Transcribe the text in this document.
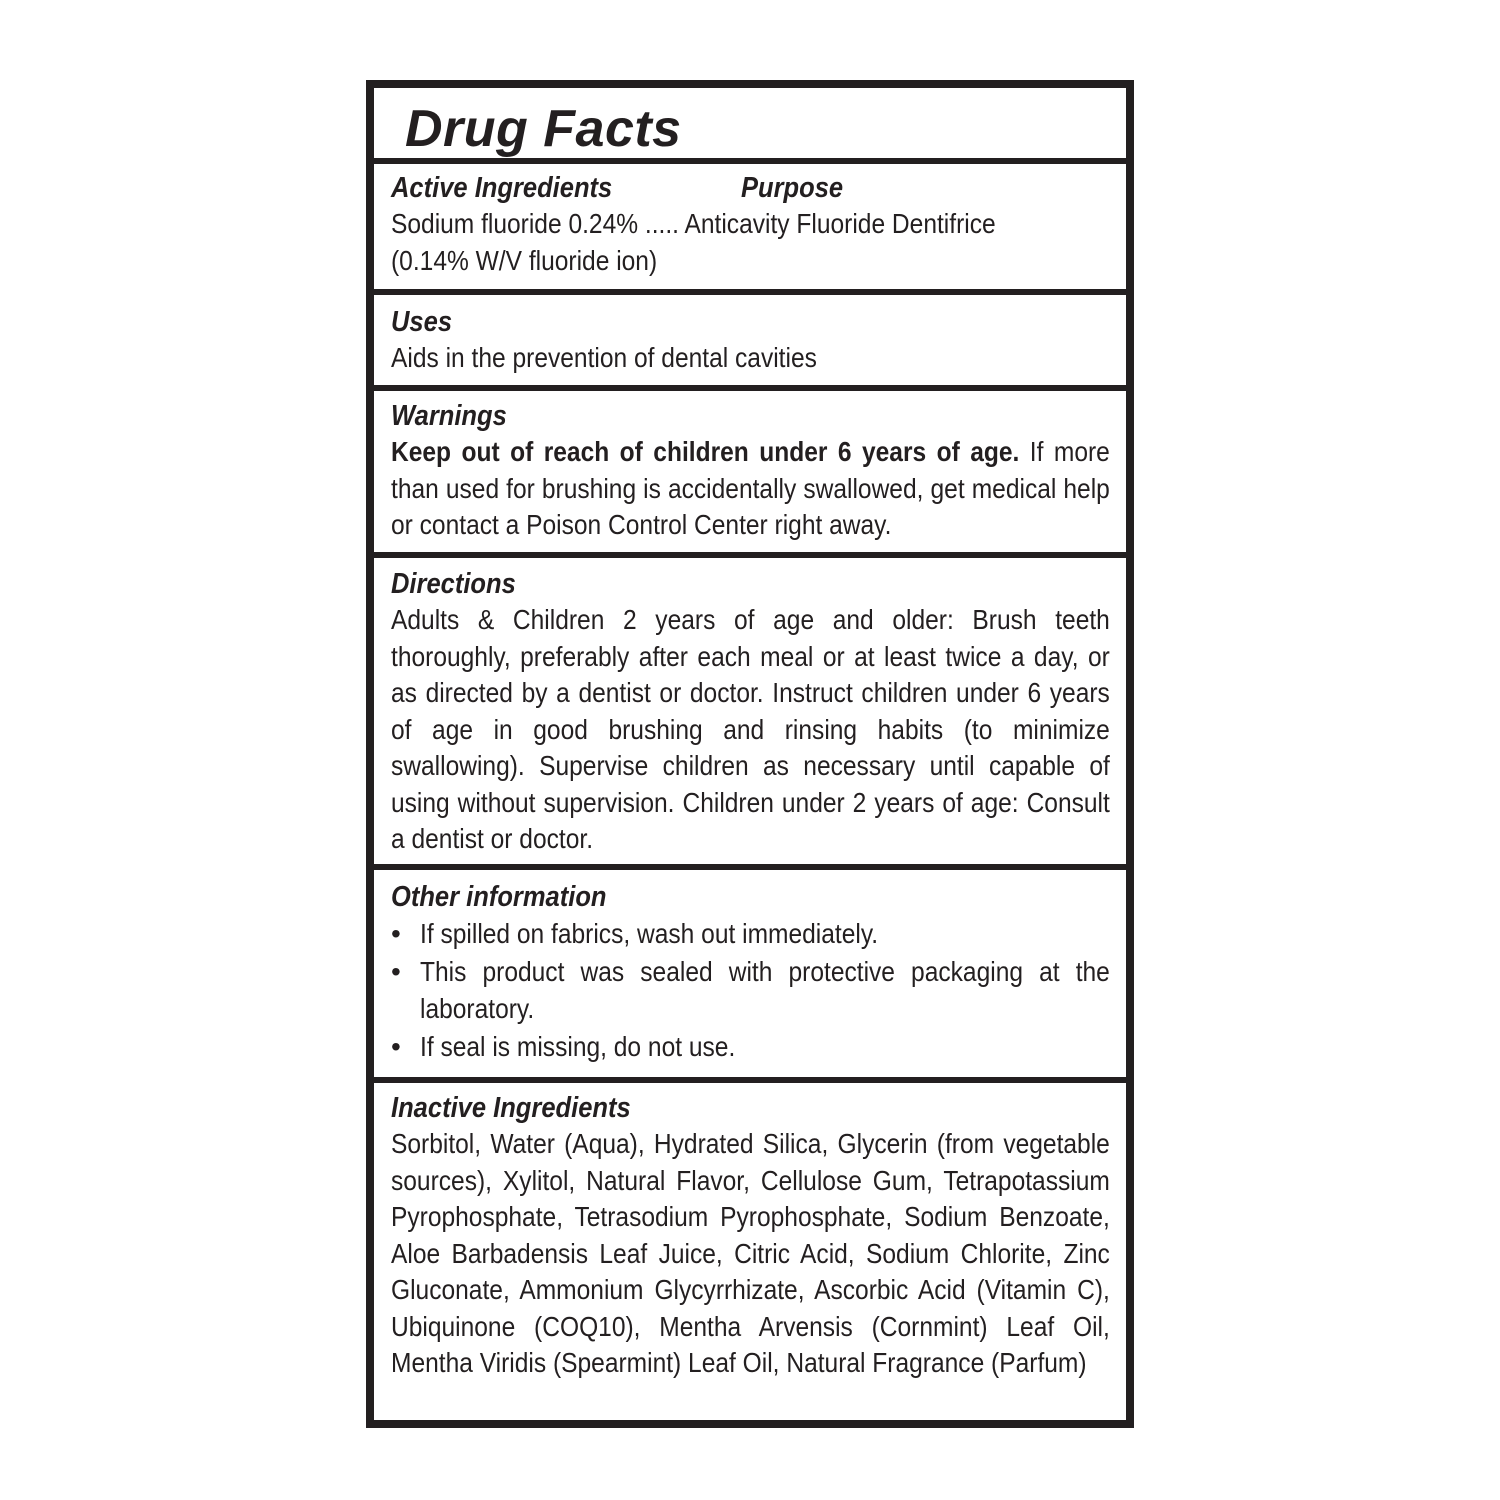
Drug Facts
Active Ingredients	Purpose

Sodium fluoride 0.24% ..... Anticavity Fluoride Dentifrice

(0.14% W/V fluoride ion)

Uses

Aids in the prevention of dental cavities

Warnings

Keep out of reach of children under 6 years of age. If more than used for brushing is accidentally swallowed, get medical help or contact a Poison Control Center right away.

Directions

Adults & Children 2 years of age and older: Brush teeth thoroughly, preferably after each meal or at least twice a day, or as directed by a dentist or doctor. Instruct children under 6 years of age in good brushing and rinsing habits (to minimize swallowing). Supervise children as necessary until capable of using without supervision. Children under 2 years of age: Consult a dentist or doctor.

Other information
• If spilled on fabrics, wash out immediately.
• This product was sealed with protective packaging at the laboratory.
• If seal is missing, do not use.
Inactive Ingredients

Sorbitol, Water (Aqua), Hydrated Silica, Glycerin (from vegetable sources), Xylitol, Natural Flavor, Cellulose Gum, Tetrapotassium Pyrophosphate, Tetrasodium Pyrophosphate, Sodium Benzoate, Aloe Barbadensis Leaf Juice, Citric Acid, Sodium Chlorite, Zinc Gluconate, Ammonium Glycyrrhizate, Ascorbic Acid (Vitamin C), Ubiquinone (COQ10), Mentha Arvensis (Cornmint) Leaf Oil, Mentha Viridis (Spearmint) Leaf Oil, Natural Fragrance (Parfum)
